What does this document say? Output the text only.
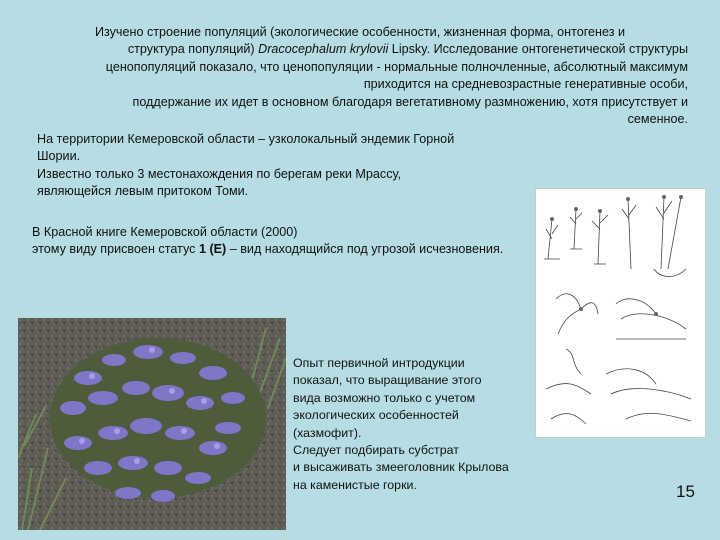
Изучено строение популяций (экологические особенности, жизненная форма, онтогенез и
структура популяций) Dracocephalum krylovii Lipsky. Исследование онтогенетической структуры
ценопопуляций показало, что ценопопуляции - нормальные полночленные, абсолютный максимум
приходится на средневозрастные генеративные особи,
поддержание их идет в основном благодаря вегетативному размножению, хотя присутствует и
семенное.
На территории Кемеровской области – узколокальный эндемик Горной
Шории.
Известно только 3 местонахождения по берегам реки Мрассу,
являющейся левым притоком Томи.
В Красной книге Кемеровской области (2000)
этому виду присвоен статус 1 (E) – вид находящийся под угрозой исчезновения.
Опыт первичной интродукции
показал, что выращивание этого
вида возможно только с учетом
экологических особенностей
(хазмофит).
Следует подбирать субстрат
и высаживать змееголовник Крылова
на каменистые горки.	15
